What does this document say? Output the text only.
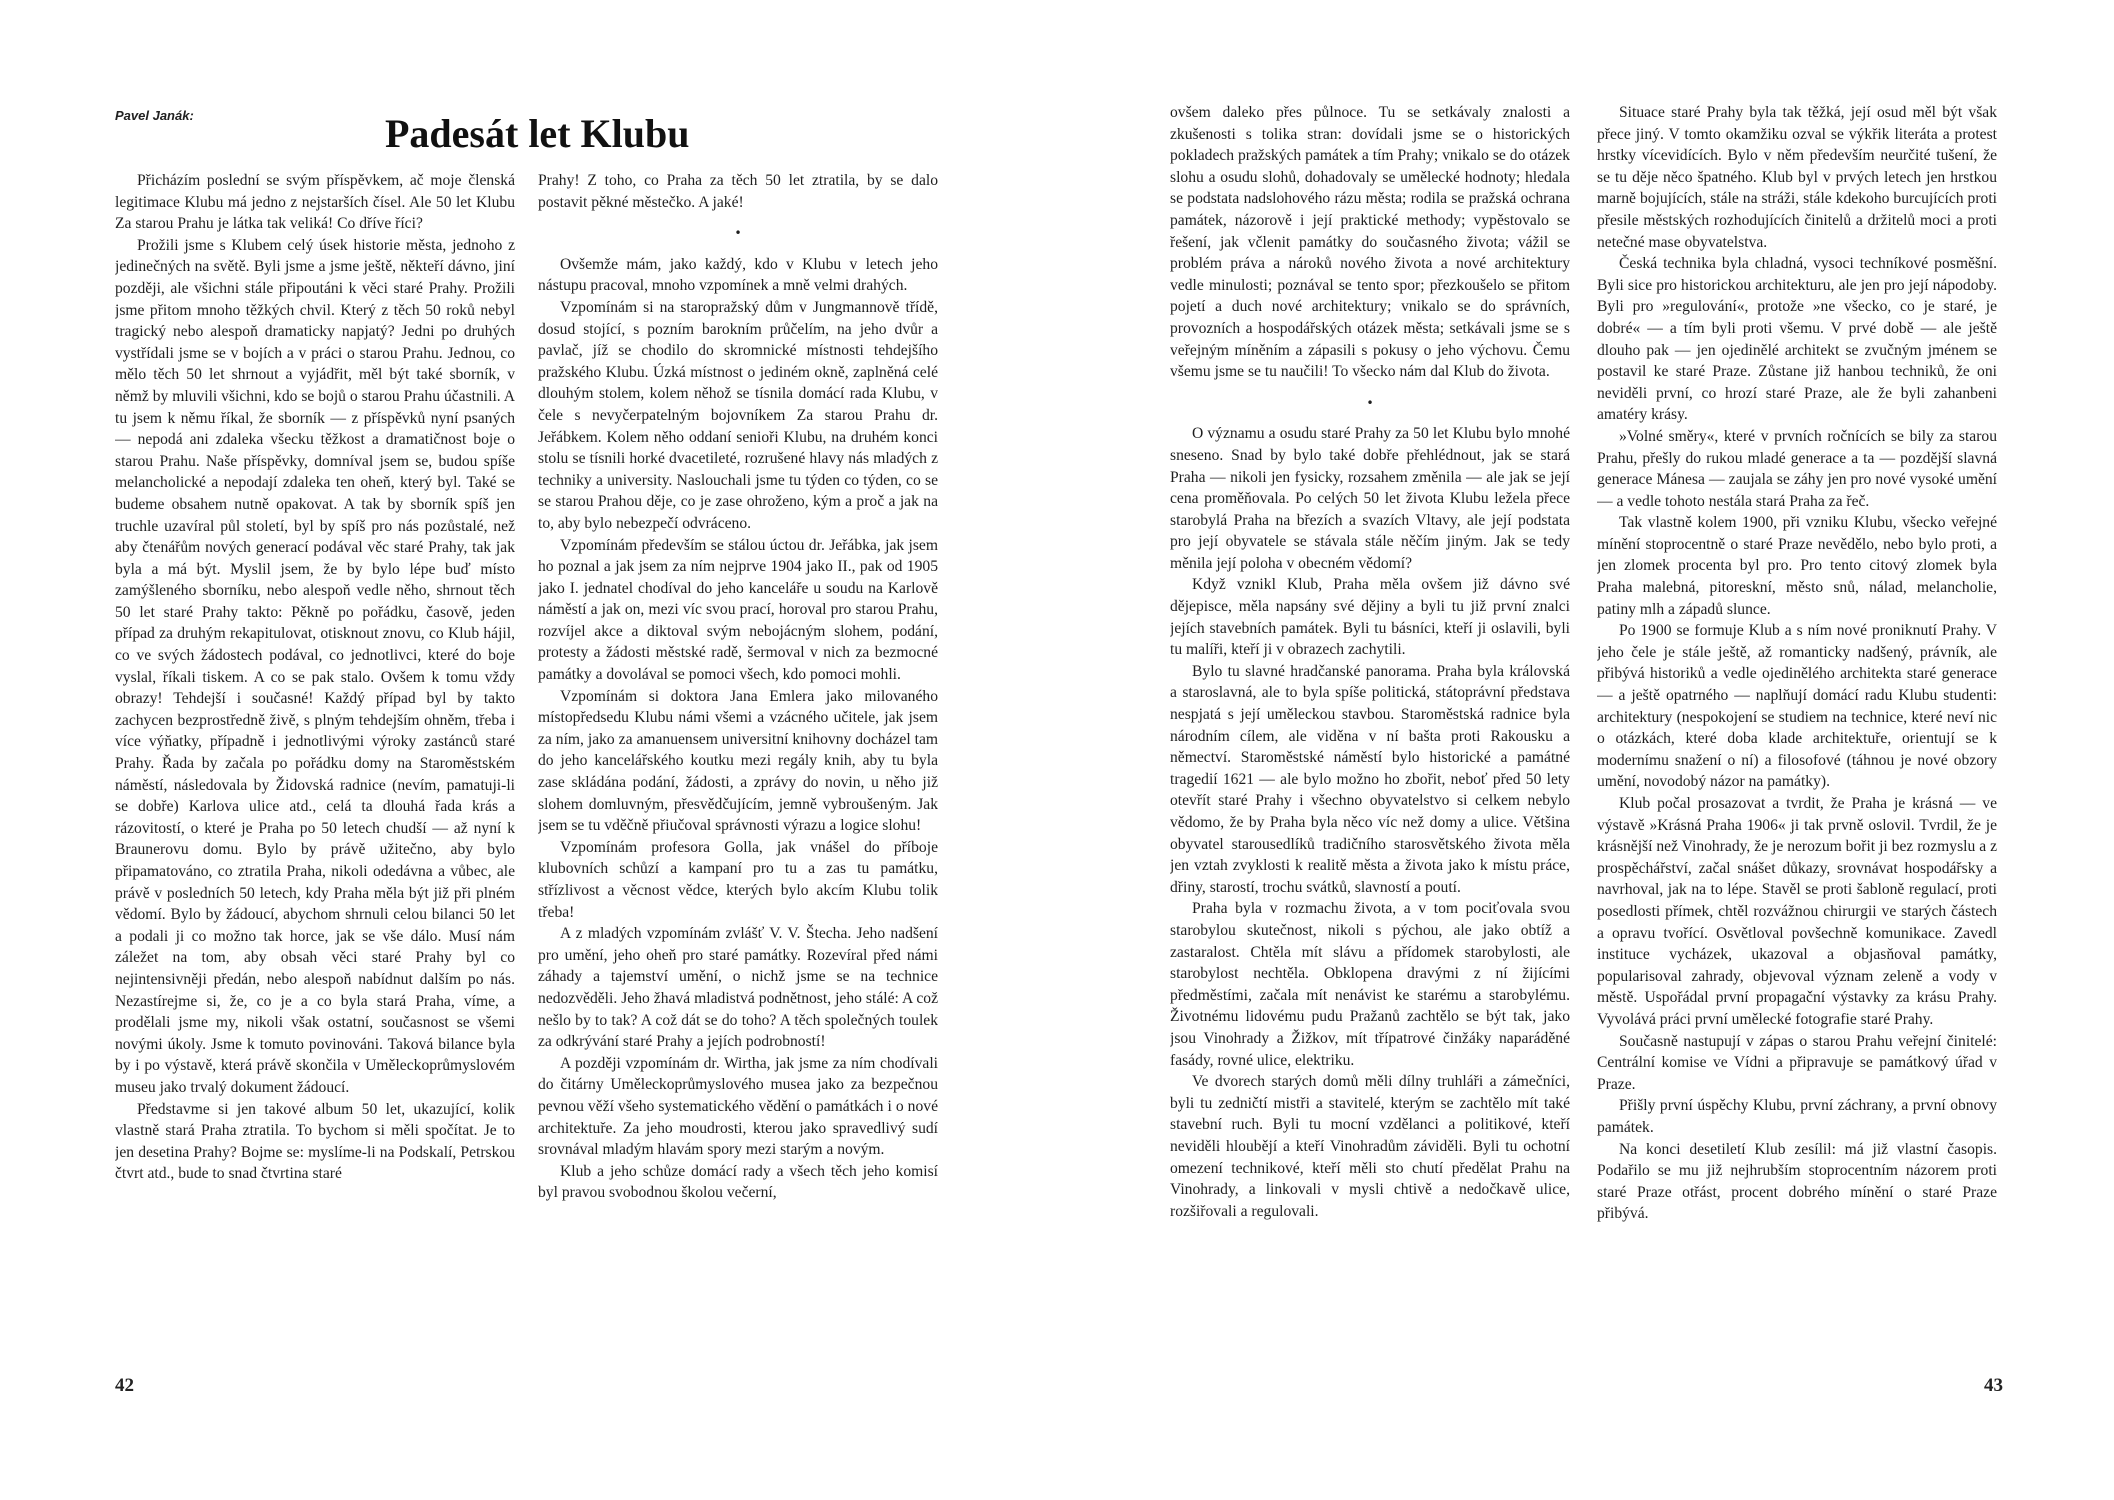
Pavel Janák:	Padesát let Klubu

Přicházím poslední se svým příspěvkem, ač moje členská legitimace Klubu má jedno z nejstarších čísel. Ale 50 let Klubu Za starou Prahu je látka tak veliká! Co dříve říci?

Prožili jsme s Klubem celý úsek historie města, jednoho z jedinečných na světě. Byli jsme a jsme ještě, někteří dávno, jiní později, ale všichni stále připoutáni k věci staré Prahy. Prožili jsme přitom mnoho těžkých chvil. Který z těch 50 roků nebyl tragický nebo alespoň dramaticky napjatý? Jedni po druhých vystřídali jsme se v bojích a v práci o starou Prahu. Jednou, co mělo těch 50 let shrnout a vyjádřit, měl být také sborník, v němž by mluvili všichni, kdo se bojů o starou Prahu účastnili. A tu jsem k němu říkal, že sborník — z příspěvků nyní psaných — nepodá ani zdaleka všecku těžkost a dramatičnost boje o starou Prahu. Naše příspěvky, domníval jsem se, budou spíše melancholické a nepodají zdaleka ten oheň, který byl. Také se budeme obsahem nutně opakovat. A tak by sborník spíš jen truchle uzavíral půl století, byl by spíš pro nás pozůstalé, než aby čtenářům nových generací podával věc staré Prahy, tak jak byla a má být. Myslil jsem, že by bylo lépe buď místo zamýšleného sborníku, nebo alespoň vedle něho, shrnout těch 50 let staré Prahy takto: Pěkně po pořádku, časově, jeden případ za druhým rekapitulovat, otisknout znovu, co Klub hájil, co ve svých žádostech podával, co jednotlivci, které do boje vyslal, říkali tiskem. A co se pak stalo. Ovšem k tomu vždy obrazy! Tehdejší i současné! Každý případ byl by takto zachycen bezprostředně živě, s plným tehdejším ohněm, třeba i více výňatky, případně i jednotlivými výroky zastánců staré Prahy. Řada by začala po pořádku domy na Staroměstském náměstí, následovala by Židovská radnice (nevím, pamatuji-li se dobře) Karlova ulice atd., celá ta dlouhá řada krás a rázovitostí, o které je Praha po 50 letech chudší — až nyní k Braunerovu domu. Bylo by právě užitečno, aby bylo připamatováno, co ztratila Praha, nikoli odedávna a vůbec, ale právě v posledních 50 letech, kdy Praha měla být již při plném vědomí. Bylo by žádoucí, abychom shrnuli celou bilanci 50 let a podali ji co možno tak horce, jak se vše dálo. Musí nám záležet na tom, aby obsah věci staré Prahy byl co nejintensivněji předán, nebo alespoň nabídnut dalším po nás. Nezastírejme si, že, co je a co byla stará Praha, víme, a prodělali jsme my, nikoli však ostatní, současnost se všemi novými úkoly. Jsme k tomuto povinováni. Taková bilance byla by i po výstavě, která právě skončila v Uměleckoprůmyslovém museu jako trvalý dokument žádoucí.

Představme si jen takové album 50 let, ukazující, kolik vlastně stará Praha ztratila. To bychom si měli spočítat. Je to jen desetina Prahy? Bojme se: myslíme-li na Podskalí, Petrskou čtvrt atd., bude to snad čtvrtina staré

Prahy! Z toho, co Praha za těch 50 let ztratila, by se dalo postavit pěkné městečko. A jaké!

•

Ovšemže mám, jako každý, kdo v Klubu v letech jeho nástupu pracoval, mnoho vzpomínek a mně velmi drahých.

Vzpomínám si na staropražský dům v Jungmannově třídě, dosud stojící, s pozním barokním průčelím, na jeho dvůr a pavlač, jíž se chodilo do skromnické místnosti tehdejšího pražského Klubu. Úzká místnost o jediném okně, zaplněná celé dlouhým stolem, kolem něhož se tísnila domácí rada Klubu, v čele s nevyčerpatelným bojovníkem Za starou Prahu dr. Jeřábkem. Kolem něho oddaní senioři Klubu, na druhém konci stolu se tísnili horké dvacetileté, rozrušené hlavy nás mladých z techniky a university. Naslouchali jsme tu týden co týden, co se se starou Prahou děje, co je zase ohroženo, kým a proč a jak na to, aby bylo nebezpečí odvráceno.

Vzpomínám především se stálou úctou dr. Jeřábka, jak jsem ho poznal a jak jsem za ním nejprve 1904 jako II., pak od 1905 jako I. jednatel chodíval do jeho kanceláře u soudu na Karlově náměstí a jak on, mezi víc svou prací, horoval pro starou Prahu, rozvíjel akce a diktoval svým nebojácným slohem, podání, protesty a žádosti městské radě, šermoval v nich za bezmocné památky a dovolával se pomoci všech, kdo pomoci mohli.

Vzpomínám si doktora Jana Emlera jako milovaného místopředsedu Klubu námi všemi a vzácného učitele, jak jsem za ním, jako za amanuensem universitní knihovny docházel tam do jeho kancelářského koutku mezi regály knih, aby tu byla zase skládána podání, žádosti, a zprávy do novin, u něho již slohem domluvným, přesvědčujícím, jemně vybroušeným. Jak jsem se tu vděčně přiučoval správnosti výrazu a logice slohu!

Vzpomínám profesora Golla, jak vnášel do příboje klubovních schůzí a kampaní pro tu a zas tu památku, střízlivost a věcnost vědce, kterých bylo akcím Klubu tolik třeba!

A z mladých vzpomínám zvlášť V. V. Štecha. Jeho nadšení pro umění, jeho oheň pro staré památky. Rozevíral před námi záhady a tajemství umění, o nichž jsme se na technice nedozvěděli. Jeho žhavá mladistvá podnětnost, jeho stálé: A což nešlo by to tak? A což dát se do toho? A těch společných toulek za odkrývání staré Prahy a jejích podrobností!

A později vzpomínám dr. Wirtha, jak jsme za ním chodívali do čitárny Uměleckoprůmyslového musea jako za bezpečnou pevnou věží všeho systematického vědění o památkách i o nové architektuře. Za jeho moudrosti, kterou jako spravedlivý sudí srovnával mladým hlavám spory mezi starým a novým.

Klub a jeho schůze domácí rady a všech těch jeho komisí byl pravou svobodnou školou večerní,

42

ovšem daleko přes půlnoce. Tu se setkávaly znalosti a zkušenosti s tolika stran: dovídali jsme se o historických pokladech pražských památek a tím Prahy; vnikalo se do otázek slohu a osudu slohů, dohadovaly se umělecké hodnoty; hledala se podstata nadslohového rázu města; rodila se pražská ochrana památek, názorově i její praktické methody; vypěstovalo se řešení, jak včlenit památky do současného života; vážil se problém práva a nároků nového života a nové architektury vedle minulosti; poznával se tento spor; přezkoušelo se přitom pojetí a duch nové architektury; vnikalo se do správních, provozních a hospodářských otázek města; setkávali jsme se s veřejným míněním a zápasili s pokusy o jeho výchovu. Čemu všemu jsme se tu naučili! To všecko nám dal Klub do života.

•

O významu a osudu staré Prahy za 50 let Klubu bylo mnohé sneseno. Snad by bylo také dobře přehlédnout, jak se stará Praha — nikoli jen fysicky, rozsahem změnila — ale jak se její cena proměňovala. Po celých 50 let života Klubu ležela přece starobylá Praha na březích a svazích Vltavy, ale její podstata pro její obyvatele se stávala stále něčím jiným. Jak se tedy měnila její poloha v obecném vědomí?

Když vznikl Klub, Praha měla ovšem již dávno své dějepisce, měla napsány své dějiny a byli tu již první znalci jejích stavebních památek. Byli tu básníci, kteří ji oslavili, byli tu malíři, kteří ji v obrazech zachytili.

Bylo tu slavné hradčanské panorama. Praha byla královská a staroslavná, ale to byla spíše politická, státoprávní představa nespjatá s její uměleckou stavbou. Staroměstská radnice byla národním cílem, ale viděna v ní bašta proti Rakousku a němectví. Staroměstské náměstí bylo historické a památné tragedií 1621 — ale bylo možno ho zbořit, neboť před 50 lety otevřít staré Prahy i všechno obyvatelstvo si celkem nebylo vědomo, že by Praha byla něco víc než domy a ulice. Většina obyvatel starousedlíků tradičního starosvětského života měla jen vztah zvyklosti k realitě města a života jako k místu práce, dřiny, starostí, trochu svátků, slavností a poutí.

Praha byla v rozmachu života, a v tom pociťovala svou starobylou skutečnost, nikoli s pýchou, ale jako obtíž a zastaralost. Chtěla mít slávu a přídomek starobylosti, ale starobylost nechtěla. Obklopena dravými z ní žijícími předměstími, začala mít nenávist ke starému a starobylému. Životnému lidovému pudu Pražanů zachtělo se být tak, jako jsou Vinohrady a Žižkov, mít třípatrové činžáky naparáděné fasády, rovné ulice, elektriku.

Ve dvorech starých domů měli dílny truhláři a zámečníci, byli tu zedničtí mistři a stavitelé, kterým se zachtělo mít také stavební ruch. Byli tu mocní vzdělanci a politikové, kteří neviděli hloubějí a kteří Vinohradům záviděli. Byli tu ochotní omezení technikové, kteří měli sto chutí předělat Prahu na Vinohrady, a linkovali v mysli chtivě a nedočkavě ulice, rozšiřovali a regulovali.

Situace staré Prahy byla tak těžká, její osud měl být však přece jiný. V tomto okamžiku ozval se výkřik literáta a protest hrstky vícevidících. Bylo v něm především neurčité tušení, že se tu děje něco špatného. Klub byl v prvých letech jen hrstkou marně bojujících, stále na stráži, stále kdekoho burcujících proti přesile městských rozhodujících činitelů a držitelů moci a proti netečné mase obyvatelstva.

Česká technika byla chladná, vysoci techníkové posměšní. Byli sice pro historickou architekturu, ale jen pro její nápodoby. Byli pro »regulování«, protože »ne všecko, co je staré, je dobré« — a tím byli proti všemu. V prvé době — ale ještě dlouho pak — jen ojedinělé architekt se zvučným jménem se postavil ke staré Praze. Zůstane již hanbou techniků, že oni neviděli první, co hrozí staré Praze, ale že byli zahanbeni amatéry krásy.

»Volné směry«, které v prvních ročnících se bily za starou Prahu, přešly do rukou mladé generace a ta — pozdější slavná generace Mánesa — zaujala se záhy jen pro nové vysoké umění — a vedle tohoto nestála stará Praha za řeč.

Tak vlastně kolem 1900, při vzniku Klubu, všecko veřejné mínění stoprocentně o staré Praze nevědělo, nebo bylo proti, a jen zlomek procenta byl pro. Pro tento citový zlomek byla Praha malebná, pitoreskní, město snů, nálad, melancholie, patiny mlh a západů slunce.

Po 1900 se formuje Klub a s ním nové proniknutí Prahy. V jeho čele je stále ještě, až romanticky nadšený, právník, ale přibývá historiků a vedle ojedinělého architekta staré generace — a ještě opatrného — naplňují domácí radu Klubu studenti: architektury (nespokojení se studiem na technice, které neví nic o otázkách, které doba klade architektuře, orientují se k modernímu snažení o ní) a filosofové (táhnou je nové obzory umění, novodobý názor na památky).

Klub počal prosazovat a tvrdit, že Praha je krásná — ve výstavě »Krásná Praha 1906« ji tak prvně oslovil. Tvrdil, že je krásnější než Vinohrady, že je nerozum bořit ji bez rozmyslu a z prospěchářství, začal snášet důkazy, srovnávat hospodářsky a navrhoval, jak na to lépe. Stavěl se proti šabloně regulací, proti posedlosti přímek, chtěl rozvážnou chirurgii ve starých částech a opravu tvořící. Osvětloval povšechně komunikace. Zavedl instituce vycházek, ukazoval a objasňoval památky, popularisoval zahrady, objevoval význam zeleně a vody v městě. Uspořádal první propagační výstavky za krásu Prahy. Vyvolává práci první umělecké fotografie staré Prahy.

Současně nastupují v zápas o starou Prahu veřejní činitelé: Centrální komise ve Vídni a připravuje se památkový úřad v Praze.

Přišly první úspěchy Klubu, první záchrany, a první obnovy památek.

Na konci desetiletí Klub zesílil: má již vlastní časopis. Podařilo se mu již nejhrubším stoprocentním názorem proti staré Praze otřást, procent dobrého mínění o staré Praze přibývá.

43
